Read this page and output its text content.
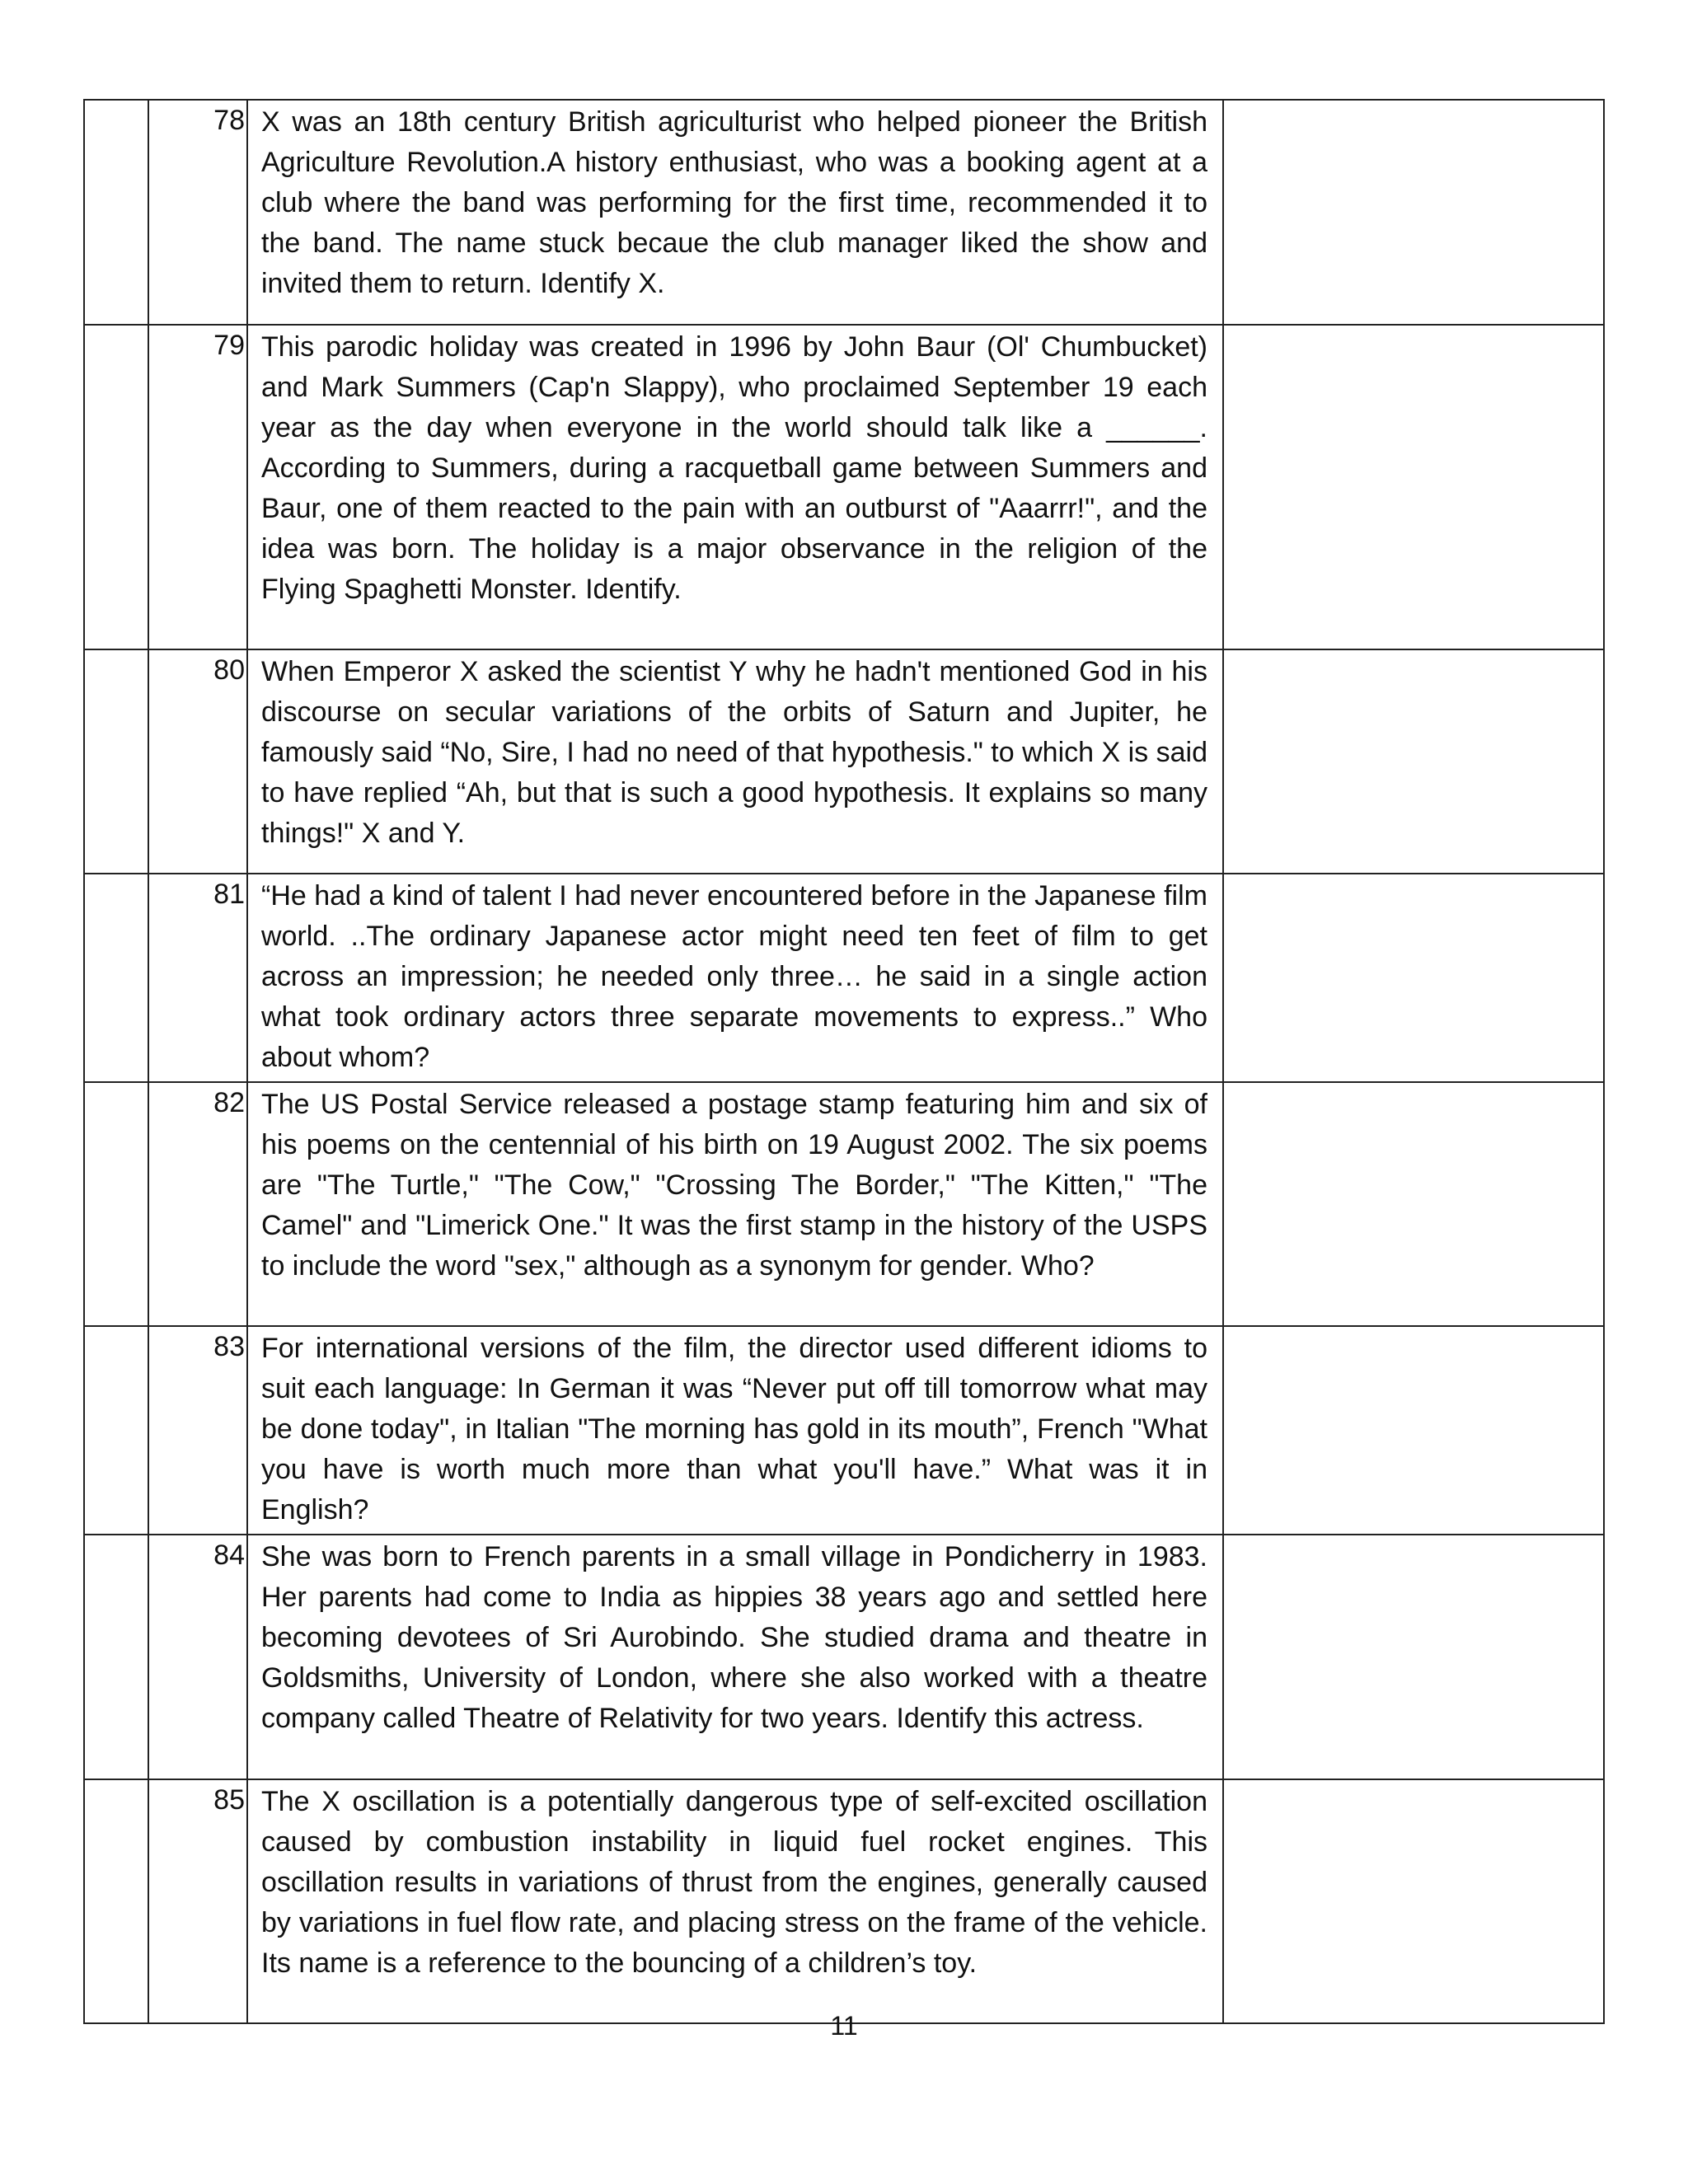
	78	X was an 18th century British agriculturist who helped pioneer the British Agriculture Revolution.A history enthusiast, who was a booking agent at a club where the band was performing for the first time, recommended it to the band. The name stuck becaue the club manager liked the show and invited them to return. Identify X.	

	79	This parodic holiday was created in 1996 by John Baur (Ol' Chumbucket) and Mark Summers (Cap'n Slappy), who proclaimed September 19 each year as the day when everyone in the world should talk like a ______. According to Summers, during a racquetball game between Summers and Baur, one of them reacted to the pain with an outburst of "Aaarrr!", and the idea was born. The holiday is a major observance in the religion of the Flying Spaghetti Monster. Identify.	

	80	When Emperor X asked the scientist Y why he hadn't mentioned God in his discourse on secular variations of the orbits of Saturn and Jupiter, he famously said “No, Sire, I had no need of that hypothesis." to which X is said to have replied “Ah, but that is such a good hypothesis. It explains so many things!" X and Y.	

	81	“He had a kind of talent I had never encountered before in the Japanese film world. ..The ordinary Japanese actor might need ten feet of film to get across an impression; he needed only three… he said in a single action what took ordinary actors three separate movements to express..” Who about whom?	

	82	The US Postal Service released a postage stamp featuring him and six of his poems on the centennial of his birth on 19 August 2002. The six poems are "The Turtle," "The Cow," "Crossing The Border," "The Kitten," "The Camel" and "Limerick One." It was the first stamp in the history of the USPS to include the word "sex," although as a synonym for gender. Who?	

	83	For international versions of the film, the director used different idioms to suit each language: In German it was “Never put off till tomorrow what may be done today", in Italian "The morning has gold in its mouth”, French "What you have is worth much more than what you'll have.” What was it in English?	

	84	She was born to French parents in a small village in Pondicherry in 1983. Her parents had come to India as hippies 38 years ago and settled here becoming devotees of Sri Aurobindo. She studied drama and theatre in Goldsmiths, University of London, where she also worked with a theatre company called Theatre of Relativity for two years. Identify this actress.	

	85	The X oscillation is a potentially dangerous type of self-excited oscillation caused by combustion instability in liquid fuel rocket engines. This oscillation results in variations of thrust from the engines, generally caused by variations in fuel flow rate, and placing stress on the frame of the vehicle. Its name is a reference to the bouncing of a children’s toy.	

11
